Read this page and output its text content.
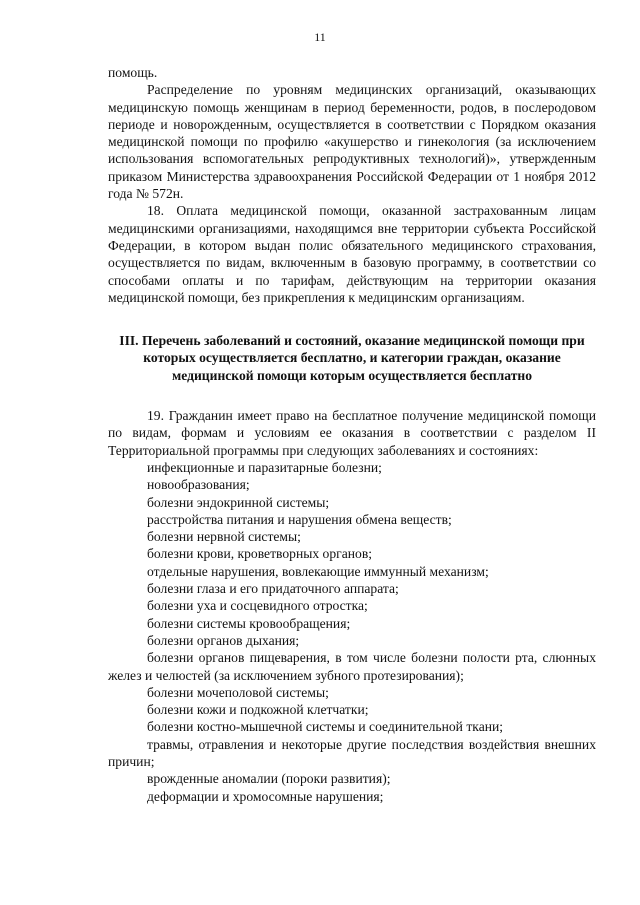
11

помощь.

Распределение по уровням медицинских организаций, оказывающих медицинскую помощь женщинам в период беременности, родов, в послеродовом периоде и новорожденным, осуществляется в соответствии с Порядком оказания медицинской помощи по профилю «акушерство и гинекология (за исключением использования вспомогательных репродуктивных технологий)», утвержденным приказом Министерства здравоохранения Российской Федерации от 1 ноября 2012 года № 572н.

18. Оплата медицинской помощи, оказанной застрахованным лицам медицинскими организациями, находящимся вне территории субъекта Российской Федерации, в котором выдан полис обязательного медицинского страхования, осуществляется по видам, включенным в базовую программу, в соответствии со способами оплаты и по тарифам, действующим на территории оказания медицинской помощи, без прикрепления к медицинским организациям.

III. Перечень заболеваний и состояний, оказание медицинской помощи при которых осуществляется бесплатно, и категории граждан, оказание медицинской помощи которым осуществляется бесплатно

19. Гражданин имеет право на бесплатное получение медицинской помощи по видам, формам и условиям ее оказания в соответствии с разделом II Территориальной программы при следующих заболеваниях и состояниях:

инфекционные и паразитарные болезни;

новообразования;

болезни эндокринной системы;

расстройства питания и нарушения обмена веществ;

болезни нервной системы;

болезни крови, кроветворных органов;

отдельные нарушения, вовлекающие иммунный механизм;

болезни глаза и его придаточного аппарата;

болезни уха и сосцевидного отростка;

болезни системы кровообращения;

болезни органов дыхания;

болезни органов пищеварения, в том числе болезни полости рта, слюнных желез и челюстей (за исключением зубного протезирования);

болезни мочеполовой системы;

болезни кожи и подкожной клетчатки;

болезни костно-мышечной системы и соединительной ткани;

травмы, отравления и некоторые другие последствия воздействия внешних причин;

врожденные аномалии (пороки развития);

деформации и хромосомные нарушения;
